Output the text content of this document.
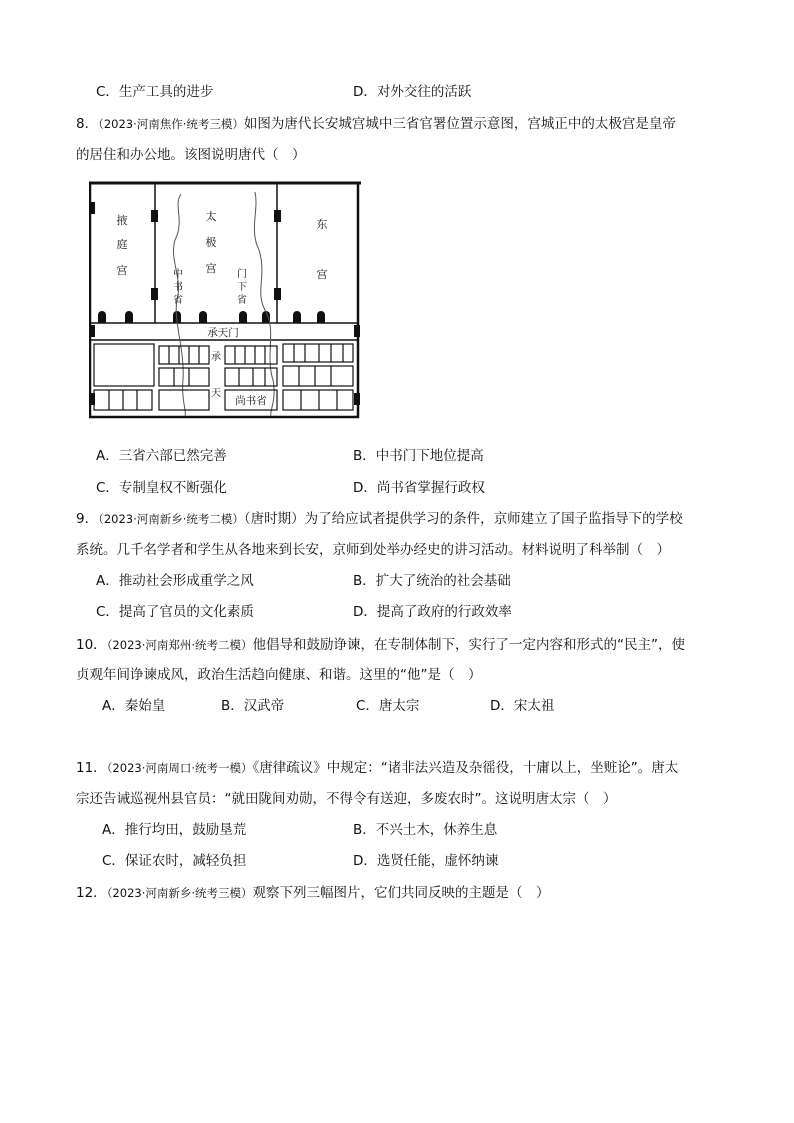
C．生产工具的进步	D．对外交往的活跃
8．（2023·河南焦作·统考三模）如图为唐代长安城宫城中三省官署位置示意图，宫城正中的太极宫是皇帝
的居住和办公地。该图说明唐代（　）
掖
庭
宫
太
极
宫
中
书
省
门
下
省
东
宫
承天门
承
天
尚书省
A．三省六部已然完善	B．中书门下地位提高
C．专制皇权不断强化	D．尚书省掌握行政权
9．（2023·河南新乡·统考二模）（唐时期）为了给应试者提供学习的条件，京师建立了国子监指导下的学校
系统。几千名学者和学生从各地来到长安，京师到处举办经史的讲习活动。材料说明了科举制（　）
A．推动社会形成重学之风	B．扩大了统治的社会基础
C．提高了官员的文化素质	D．提高了政府的行政效率
10．（2023·河南郑州·统考二模）他倡导和鼓励诤谏，在专制体制下，实行了一定内容和形式的“民主”，使
贞观年间诤谏成风，政治生活趋向健康、和谐。这里的“他”是（　）
A．秦始皇	B．汉武帝	C．唐太宗	D．宋太祖
11．（2023·河南周口·统考一模）《唐律疏议》中规定：“诸非法兴造及杂徭役，十庸以上，坐赃论”。唐太
宗还告诫巡视州县官员：“就田陇间劝勋，不得令有送迎，多废农时”。这说明唐太宗（　）
A．推行均田，鼓励垦荒	B．不兴土木，休养生息
C．保证农时，减轻负担	D．选贤任能，虚怀纳谏
12．（2023·河南新乡·统考三模）观察下列三幅图片，它们共同反映的主题是（　）
